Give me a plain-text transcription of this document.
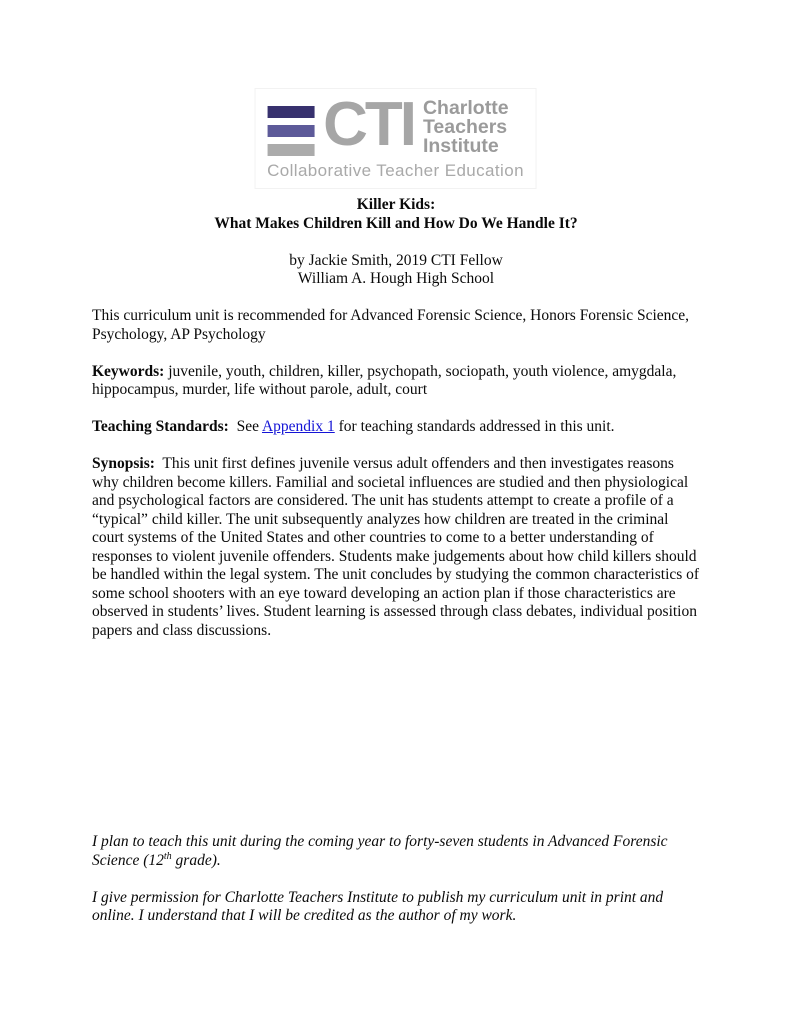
CTI Charlotte
Teachers
Institute
Collaborative Teacher Education
Killer Kids:
What Makes Children Kill and How Do We Handle It?
by Jackie Smith, 2019 CTI Fellow
William A. Hough High School

This curriculum unit is recommended for Advanced Forensic Science, Honors Forensic Science, Psychology, AP Psychology

Keywords: juvenile, youth, children, killer, psychopath, sociopath, youth violence, amygdala, hippocampus, murder, life without parole, adult, court

Teaching Standards:  See Appendix 1 for teaching standards addressed in this unit.

Synopsis:  This unit first defines juvenile versus adult offenders and then investigates reasons why children become killers. Familial and societal influences are studied and then physiological and psychological factors are considered. The unit has students attempt to create a profile of a “typical” child killer. The unit subsequently analyzes how children are treated in the criminal court systems of the United States and other countries to come to a better understanding of responses to violent juvenile offenders. Students make judgements about how child killers should be handled within the legal system. The unit concludes by studying the common characteristics of some school shooters with an eye toward developing an action plan if those characteristics are observed in students’ lives. Student learning is assessed through class debates, individual position papers and class discussions.

I plan to teach this unit during the coming year to forty-seven students in Advanced Forensic Science (12th grade).

I give permission for Charlotte Teachers Institute to publish my curriculum unit in print and online. I understand that I will be credited as the author of my work.
